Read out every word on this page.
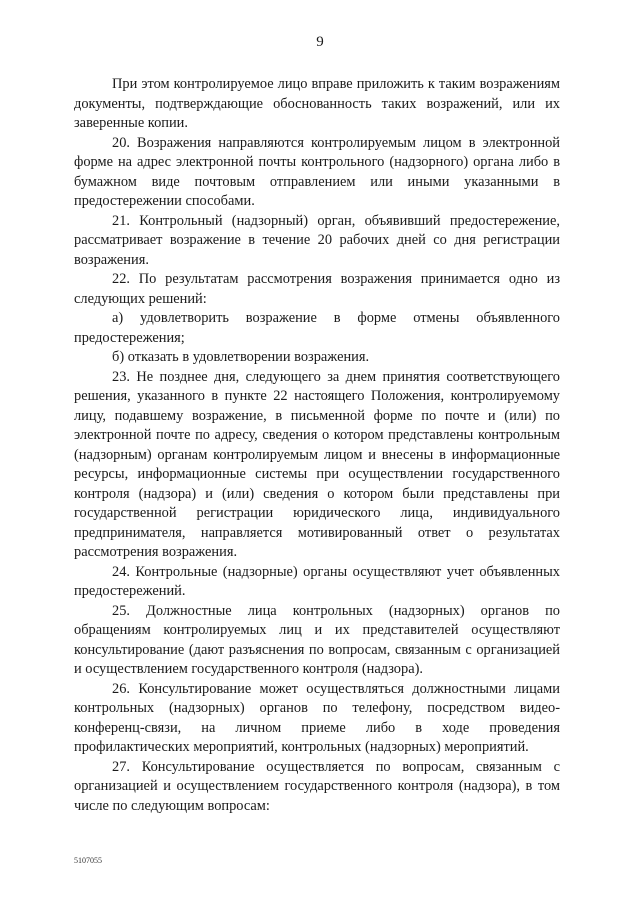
9

При этом контролируемое лицо вправе приложить к таким возражениям документы, подтверждающие обоснованность таких возражений, или их заверенные копии.

20. Возражения направляются контролируемым лицом в электронной форме на адрес электронной почты контрольного (надзорного) органа либо в бумажном виде почтовым отправлением или иными указанными в предостережении способами.

21. Контрольный (надзорный) орган, объявивший предостережение, рассматривает возражение в течение 20 рабочих дней со дня регистрации возражения.

22. По результатам рассмотрения возражения принимается одно из следующих решений:

а) удовлетворить возражение в форме отмены объявленного предостережения;

б) отказать в удовлетворении возражения.

23. Не позднее дня, следующего за днем принятия соответствующего решения, указанного в пункте 22 настоящего Положения, контролируемому лицу, подавшему возражение, в письменной форме по почте и (или) по электронной почте по адресу, сведения о котором представлены контрольным (надзорным) органам контролируемым лицом и внесены в информационные ресурсы, информационные системы при осуществлении государственного контроля (надзора) и (или) сведения о котором были представлены при государственной регистрации юридического лица, индивидуального предпринимателя, направляется мотивированный ответ о результатах рассмотрения возражения.

24. Контрольные (надзорные) органы осуществляют учет объявленных предостережений.

25. Должностные лица контрольных (надзорных) органов по обращениям контролируемых лиц и их представителей осуществляют консультирование (дают разъяснения по вопросам, связанным с организацией и осуществлением государственного контроля (надзора).

26. Консультирование может осуществляться должностными лицами контрольных (надзорных) органов по телефону, посредством видео-конференц-связи, на личном приеме либо в ходе проведения профилактических мероприятий, контрольных (надзорных) мероприятий.

27. Консультирование осуществляется по вопросам, связанным с организацией и осуществлением государственного контроля (надзора), в том числе по следующим вопросам:

5107055
